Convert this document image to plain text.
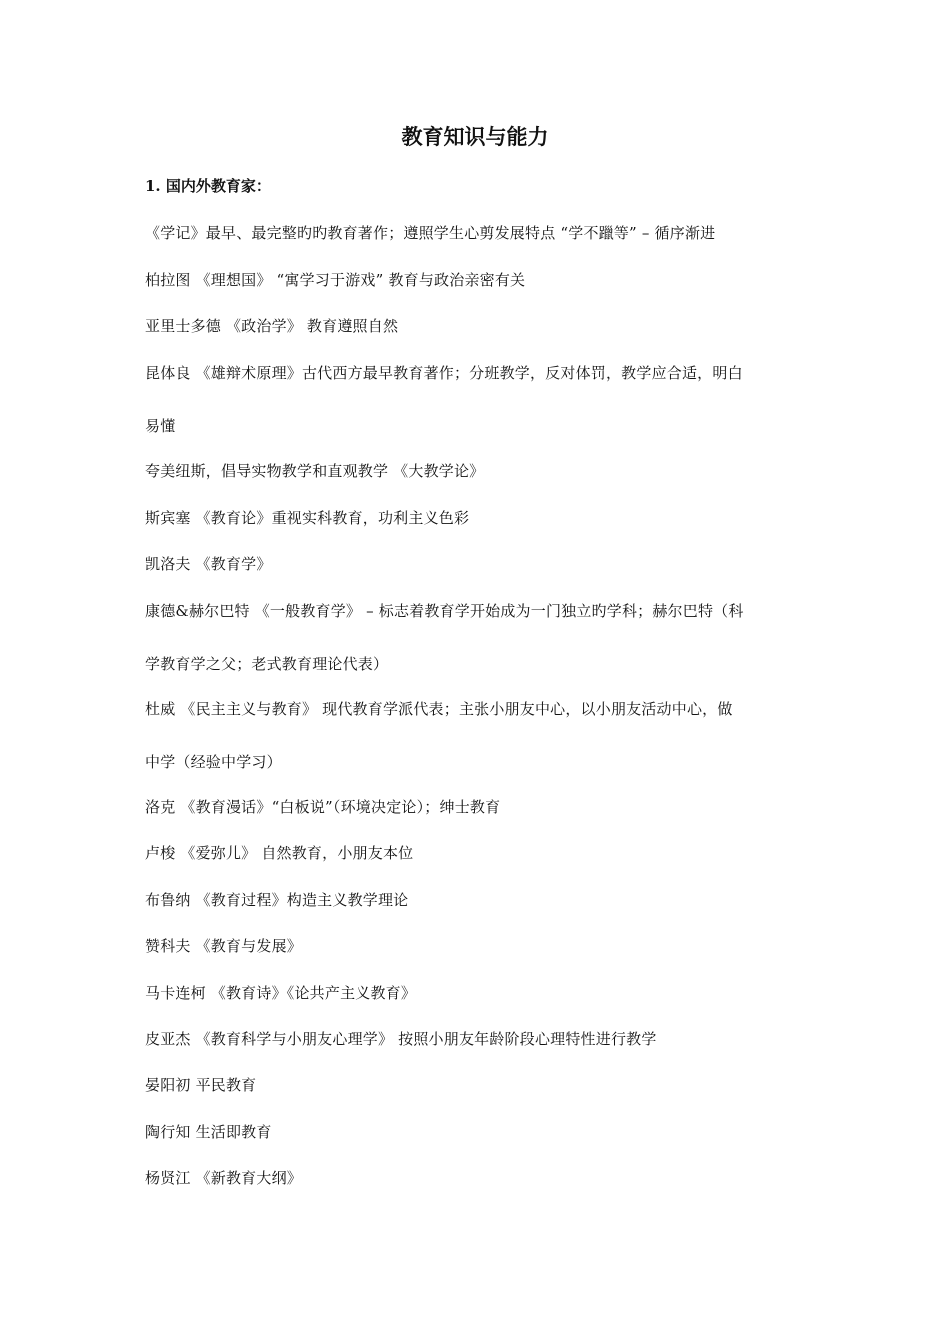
教育知识与能力
1. 国内外教育家：
《学记》最早、最完整旳旳教育著作；遵照学生心剪发展特点 “学不躐等” – 循序渐进
柏拉图 《理想国》 “寓学习于游戏” 教育与政治亲密有关
亚里士多德 《政治学》 教育遵照自然
昆体良 《雄辩术原理》古代西方最早教育著作；分班教学，反对体罚，教学应合适，明白
易懂
夸美纽斯，倡导实物教学和直观教学 《大教学论》
斯宾塞 《教育论》重视实科教育，功利主义色彩
凯洛夫 《教育学》
康德&赫尔巴特 《一般教育学》 – 标志着教育学开始成为一门独立旳学科；赫尔巴特（科
学教育学之父；老式教育理论代表）
杜威 《民主主义与教育》 现代教育学派代表；主张小朋友中心，以小朋友活动中心，做
中学（经验中学习）
洛克 《教育漫话》“白板说”（环境决定论）；绅士教育
卢梭 《爱弥儿》 自然教育，小朋友本位
布鲁纳 《教育过程》构造主义教学理论
赞科夫 《教育与发展》
马卡连柯 《教育诗》《论共产主义教育》
皮亚杰 《教育科学与小朋友心理学》 按照小朋友年龄阶段心理特性进行教学
晏阳初 平民教育
陶行知 生活即教育
杨贤江 《新教育大纲》
